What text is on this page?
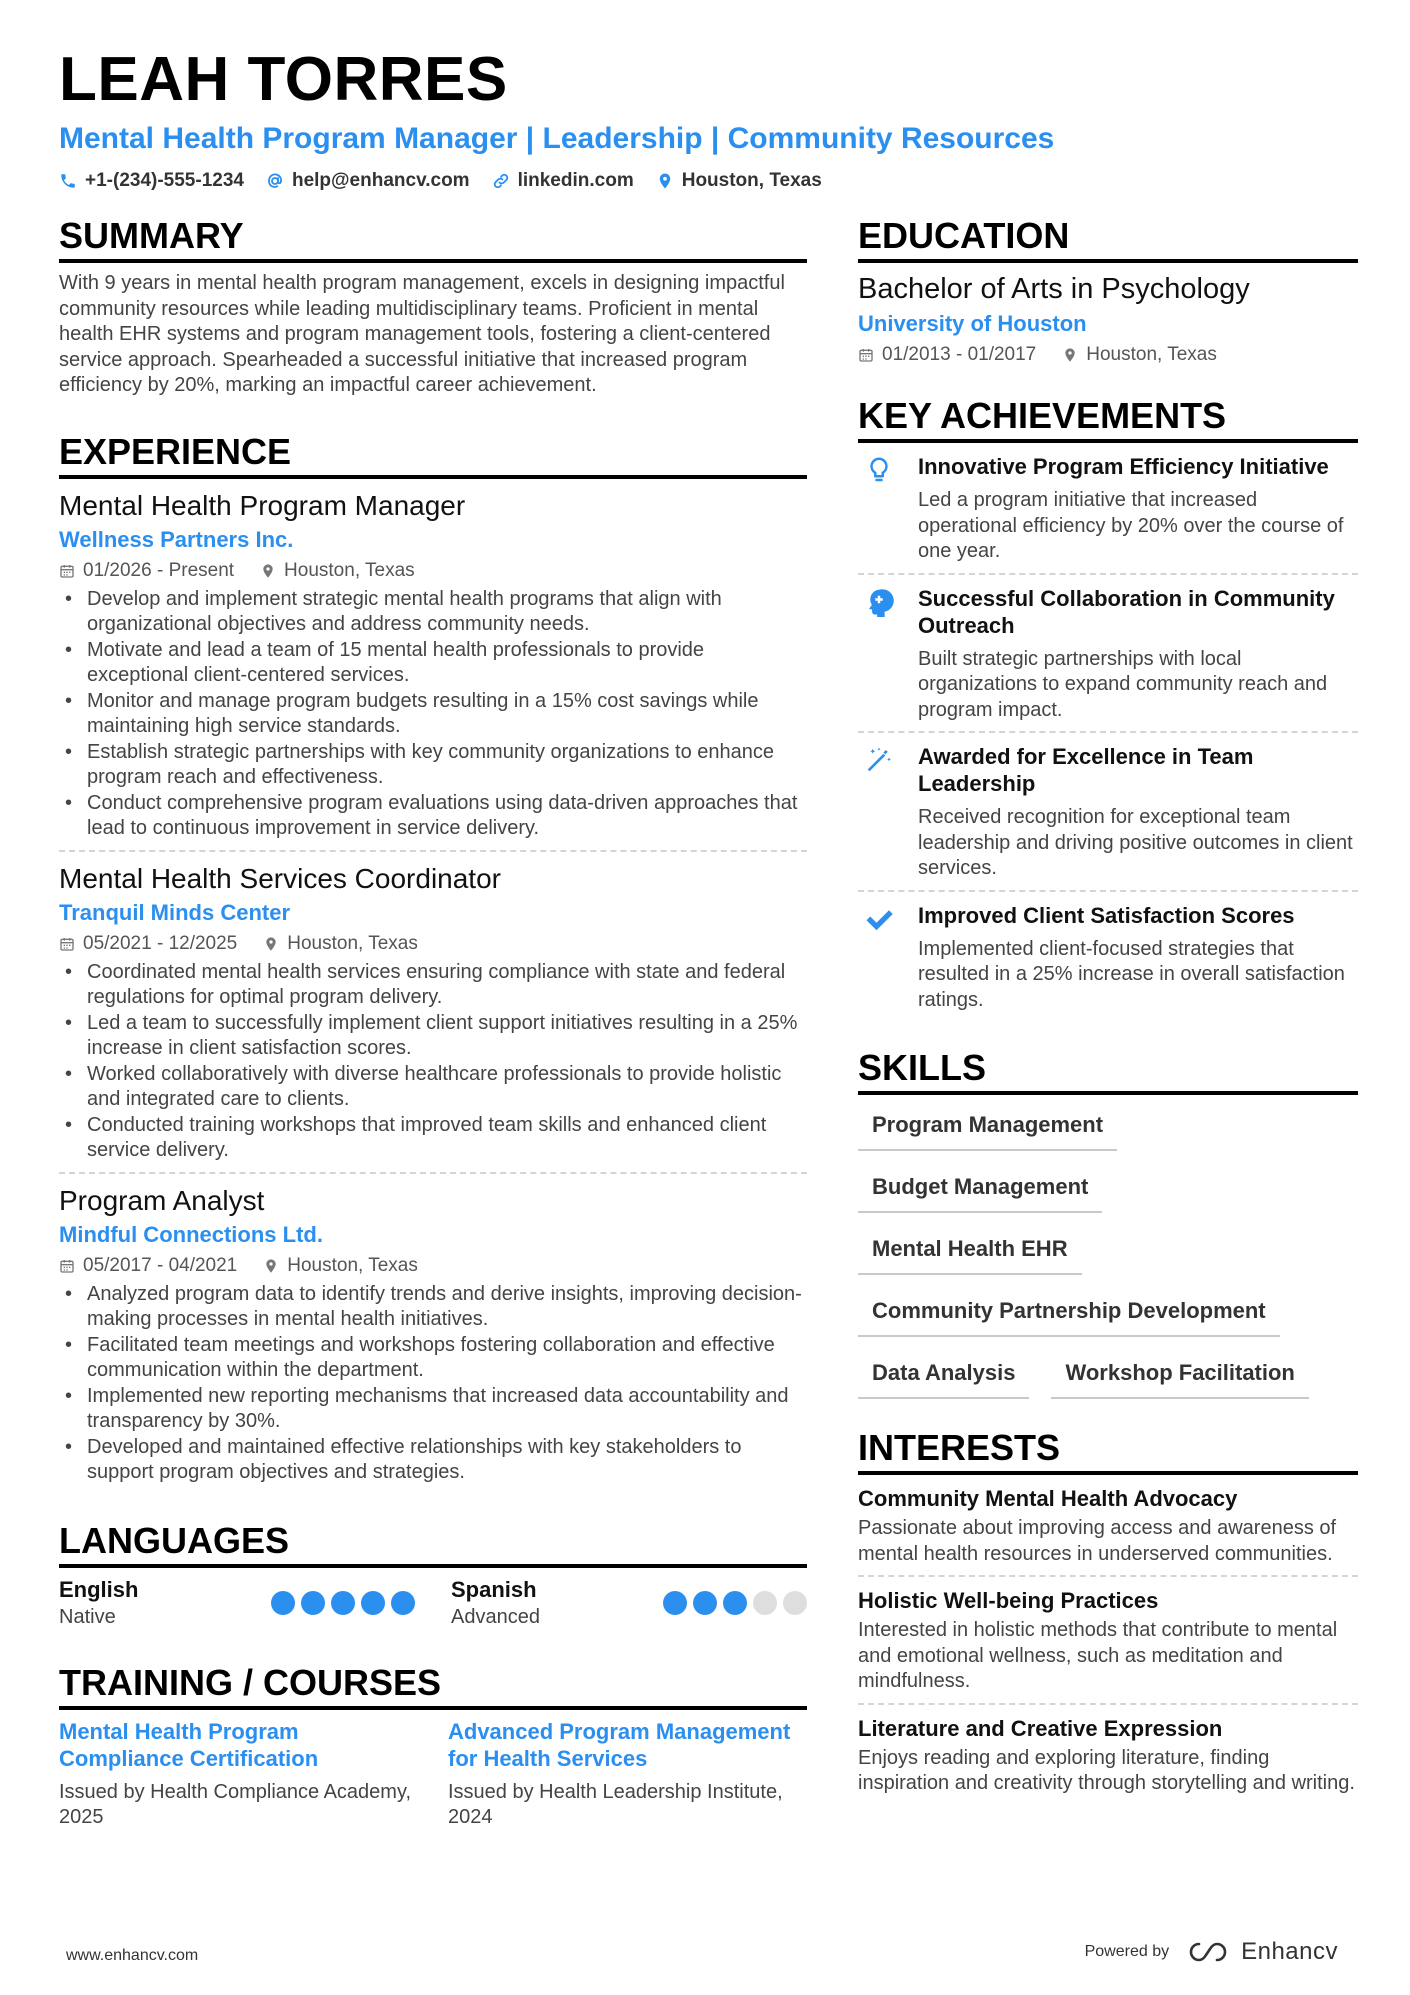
LEAH TORRES
Mental Health Program Manager | Leadership | Community Resources
+1-(234)-555-1234	help@enhancv.com	linkedin.com	Houston, Texas
SUMMARY
With 9 years in mental health program management, excels in designing impactful community resources while leading multidisciplinary teams. Proficient in mental health EHR systems and program management tools, fostering a client-centered service approach. Spearheaded a successful initiative that increased program efficiency by 20%, marking an impactful career achievement.
EXPERIENCE
Mental Health Program Manager
Wellness Partners Inc.
01/2026 - Present	Houston, Texas
• Develop and implement strategic mental health programs that align with organizational objectives and address community needs.
• Motivate and lead a team of 15 mental health professionals to provide exceptional client-centered services.
• Monitor and manage program budgets resulting in a 15% cost savings while maintaining high service standards.
• Establish strategic partnerships with key community organizations to enhance program reach and effectiveness.
• Conduct comprehensive program evaluations using data-driven approaches that lead to continuous improvement in service delivery.
Mental Health Services Coordinator
Tranquil Minds Center
05/2021 - 12/2025	Houston, Texas
• Coordinated mental health services ensuring compliance with state and federal regulations for optimal program delivery.
• Led a team to successfully implement client support initiatives resulting in a 25% increase in client satisfaction scores.
• Worked collaboratively with diverse healthcare professionals to provide holistic and integrated care to clients.
• Conducted training workshops that improved team skills and enhanced client service delivery.
Program Analyst
Mindful Connections Ltd.
05/2017 - 04/2021	Houston, Texas
• Analyzed program data to identify trends and derive insights, improving decision-making processes in mental health initiatives.
• Facilitated team meetings and workshops fostering collaboration and effective communication within the department.
• Implemented new reporting mechanisms that increased data accountability and transparency by 30%.
• Developed and maintained effective relationships with key stakeholders to support program objectives and strategies.
LANGUAGES
English
Native
Spanish
Advanced
TRAINING / COURSES
Mental Health Program Compliance Certification
Issued by Health Compliance Academy, 2025
Advanced Program Management for Health Services
Issued by Health Leadership Institute, 2024
EDUCATION
Bachelor of Arts in Psychology
University of Houston
01/2013 - 01/2017	Houston, Texas
KEY ACHIEVEMENTS
Innovative Program Efficiency Initiative
Led a program initiative that increased operational efficiency by 20% over the course of one year.
Successful Collaboration in Community Outreach
Built strategic partnerships with local organizations to expand community reach and program impact.
Awarded for Excellence in Team Leadership
Received recognition for exceptional team leadership and driving positive outcomes in client services.
Improved Client Satisfaction Scores
Implemented client-focused strategies that resulted in a 25% increase in overall satisfaction ratings.
SKILLS
Program Management
Budget Management
Mental Health EHR
Community Partnership Development
Data Analysis	Workshop Facilitation
INTERESTS
Community Mental Health Advocacy
Passionate about improving access and awareness of mental health resources in underserved communities.
Holistic Well-being Practices
Interested in holistic methods that contribute to mental and emotional wellness, such as meditation and mindfulness.
Literature and Creative Expression
Enjoys reading and exploring literature, finding inspiration and creativity through storytelling and writing.
www.enhancv.com	Powered by	Enhancv
